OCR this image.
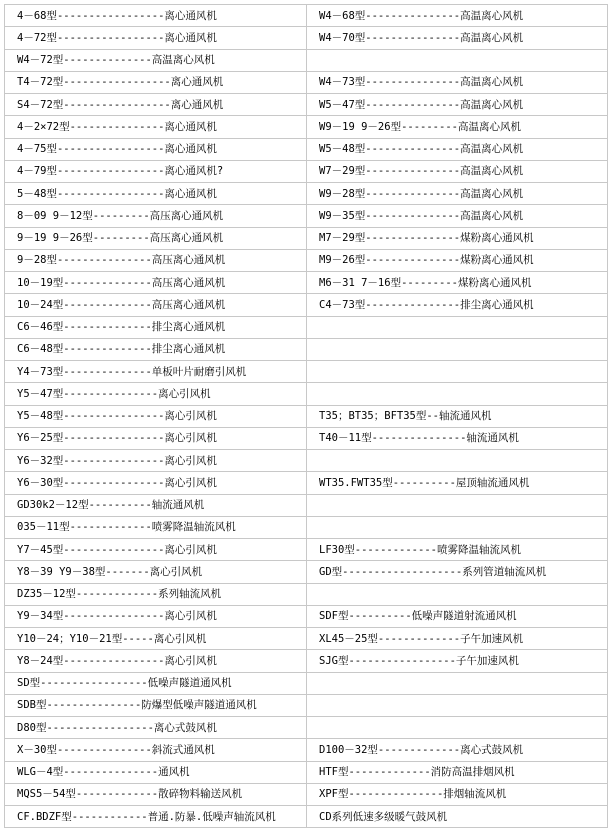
4－68型-----------------离心通风机	W4－68型---------------高温离心风机
4－72型-----------------离心通风机	W4－70型---------------高温离心风机
W4－72型--------------高温离心风机	
T4－72型-----------------离心通风机	W4－73型---------------高温离心风机
S4－72型-----------------离心通风机	W5－47型---------------高温离心风机
4－2×72型---------------离心通风机	W9－19 9－26型---------高温离心风机
4－75型-----------------离心通风机	W5－48型---------------高温离心风机
4－79型-----------------离心通风机?	W7－29型---------------高温离心风机
5－48型-----------------离心通风机	W9－28型---------------高温离心风机
8－09 9－12型---------高压离心通风机	W9－35型---------------高温离心风机
9－19 9－26型---------高压离心通风机	M7－29型---------------煤粉离心通风机
9－28型---------------高压离心通风机	M9－26型---------------煤粉离心通风机
10－19型--------------高压离心通风机	M6－31 7－16型---------煤粉离心通风机
10－24型--------------高压离心通风机	C4－73型---------------排尘离心通风机
C6－46型--------------排尘离心通风机	
C6－48型--------------排尘离心通风机	
Y4－73型--------------单板叶片耐磨引风机	
Y5－47型---------------离心引风机	
Y5－48型----------------离心引风机	T35；BT35；BFT35型--轴流通风机
Y6－25型----------------离心引风机	T40－11型---------------轴流通风机
Y6－32型----------------离心引风机	
Y6－30型----------------离心引风机	WT35.FWT35型----------屋顶轴流通风机
GD30k2－12型----------轴流通风机	
035－11型-------------喷雾降温轴流风机	
Y7－45型----------------离心引风机	LF30型-------------喷雾降温轴流风机
Y8－39 Y9－38型-------离心引风机	GD型-------------------系列管道轴流风机
DZ35－12型-------------系列轴流风机	
Y9－34型----------------离心引风机	SDF型----------低噪声隧道射流通风机
Y10－24；Y10－21型-----离心引风机	XL45－25型-------------子午加速风机
Y8－24型----------------离心引风机	SJG型-----------------子午加速风机
SD型-----------------低噪声隧道通风机	
SDB型---------------防爆型低噪声隧道通风机	
D80型-----------------离心式鼓风机	
X－30型---------------斜流式通风机	D100－32型-------------离心式鼓风机
WLG－4型---------------通风机	HTF型-------------消防高温排烟风机
MQS5－54型-------------散碎物料输送风机	XPF型---------------排烟轴流风机
CF.BDZF型------------普通.防暴.低噪声轴流风机	CD系列低速多级暖气鼓风机
